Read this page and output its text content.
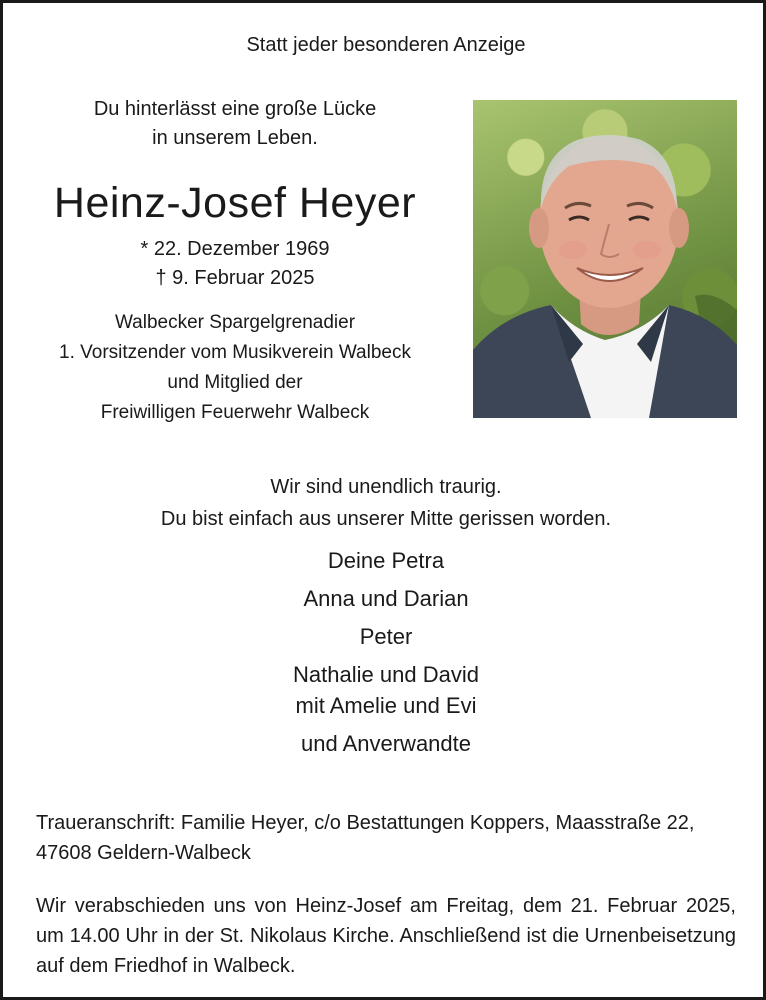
Statt jeder besonderen Anzeige

Du hinterlässt eine große Lücke
in unserem Leben.

Heinz-Josef Heyer

* 22. Dezember 1969
† 9. Februar 2025
Walbecker Spargelgrenadier
1. Vorsitzender vom Musikverein Walbeck
und Mitglied der
Freiwilligen Feuerwehr Walbeck
Wir sind unendlich traurig.
Du bist einfach aus unserer Mitte gerissen worden.
Deine Petra
Anna und Darian
Peter
Nathalie und David
mit Amelie und Evi
und Anverwandte
Traueranschrift: Familie Heyer, c/o Bestattungen Koppers, Maasstraße 22,
47608 Geldern-Walbeck

Wir verabschieden uns von Heinz-Josef am Freitag, dem 21. Februar 2025, um 14.00 Uhr in der St. Nikolaus Kirche. Anschließend ist die Urnenbeisetzung auf dem Friedhof in Walbeck.
